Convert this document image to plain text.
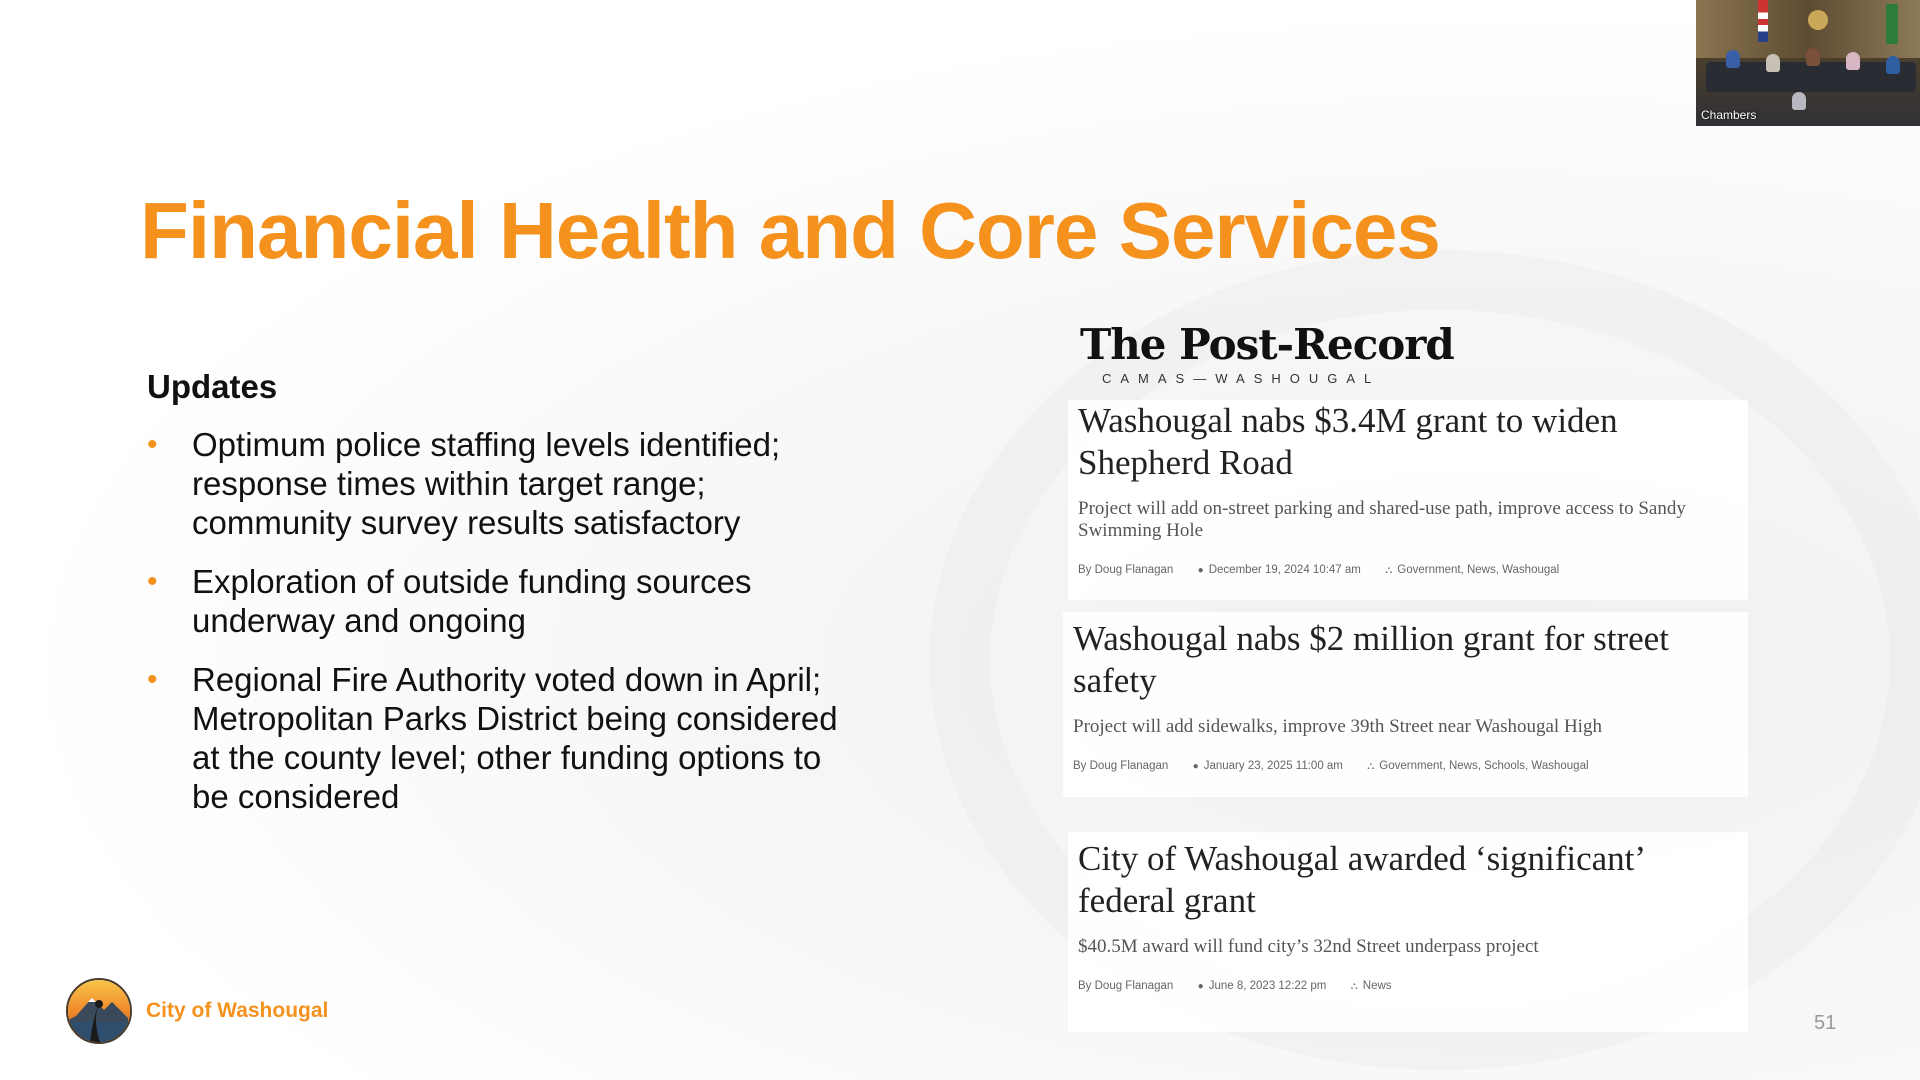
Chambers
Financial Health and Core Services
Updates
• Optimum police staffing levels identified; response times within target range; community survey results satisfactory
• Exploration of outside funding sources underway and ongoing
• Regional Fire Authority voted down in April; Metropolitan Parks District being considered at the county level; other funding options to be considered
The Post-Record
CAMAS—WASHOUGAL
Washougal nabs $3.4M grant to widen Shepherd Road
Project will add on-street parking and shared-use path, improve access to Sandy Swimming Hole
By Doug Flanagan ● December 19, 2024 10:47 am ⛬ Government, News, Washougal
Washougal nabs $2 million grant for street safety
Project will add sidewalks, improve 39th Street near Washougal High
By Doug Flanagan ● January 23, 2025 11:00 am ⛬ Government, News, Schools, Washougal
City of Washougal awarded ‘significant’ federal grant
$40.5M award will fund city’s 32nd Street underpass project
By Doug Flanagan ● June 8, 2023 12:22 pm ⛬ News
City of Washougal
51
